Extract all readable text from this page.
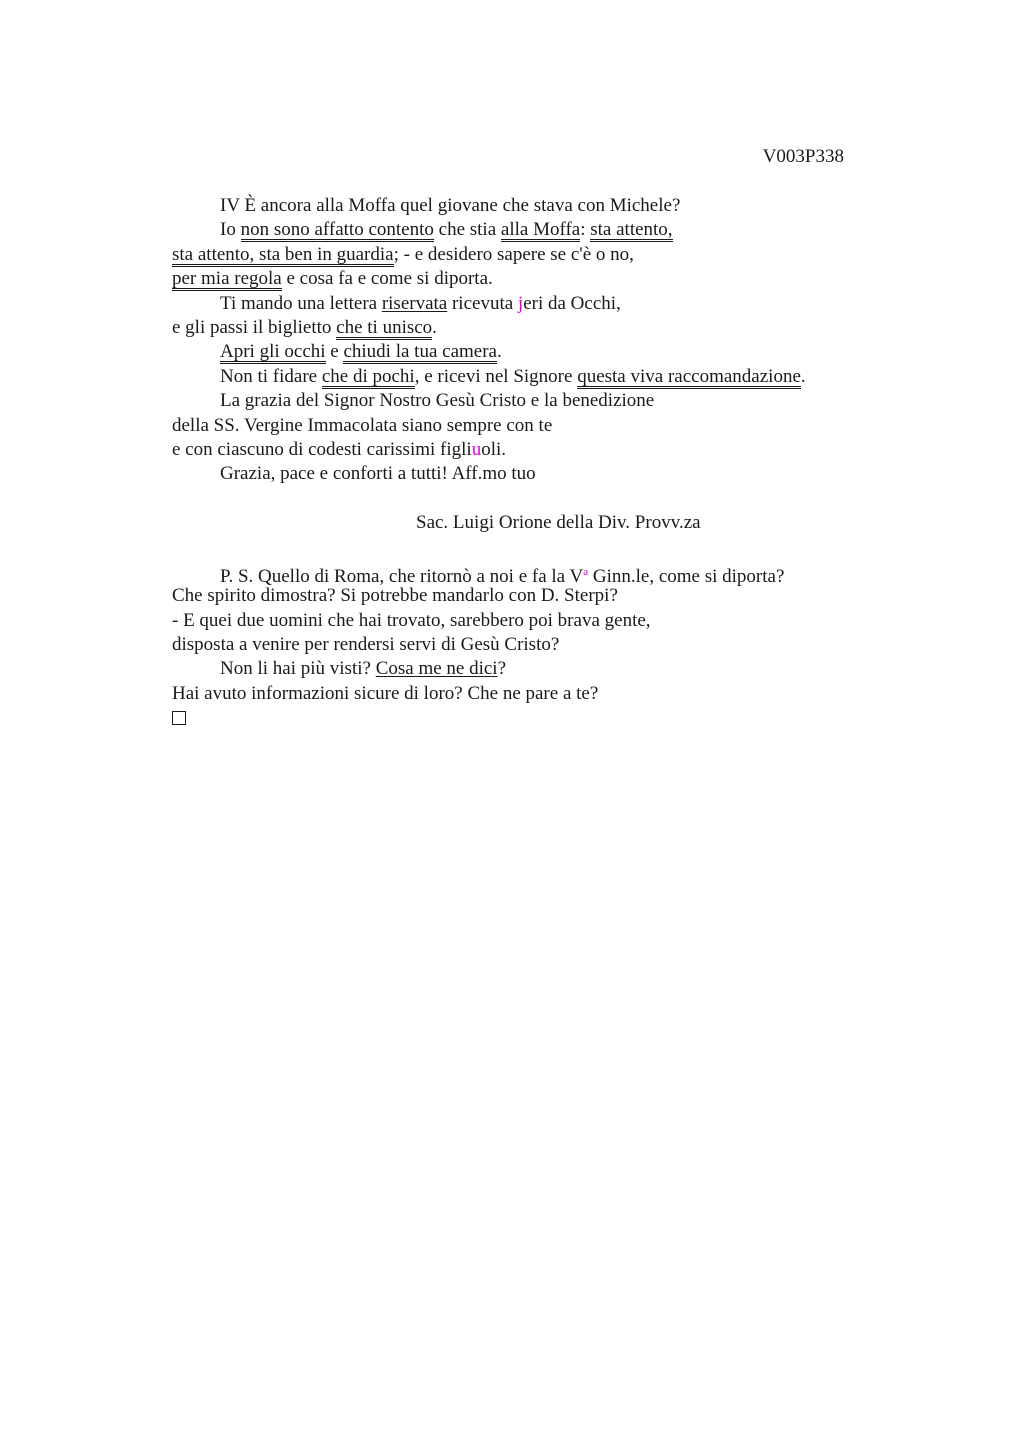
V003P338
IV È ancora alla Moffa quel giovane che stava con Michele?
Io non sono affatto contento che stia alla Moffa: sta attento,
sta attento, sta ben in guardia; - e desidero sapere se c'è o no,
per mia regola e cosa fa e come si diporta.
Ti mando una lettera riservata ricevuta jeri da Occhi,
e gli passi il biglietto che ti unisco.
Apri gli occhi e chiudi la tua camera.
Non ti fidare che di pochi, e ricevi nel Signore questa viva raccomandazione.
La grazia del Signor Nostro Gesù Cristo e la benedizione
della SS. Vergine Immacolata siano sempre con te
e con ciascuno di codesti carissimi figliuoli.
Grazia, pace e conforti a tutti! Aff.mo tuo
Sac. Luigi Orione della Div. Provv.za
P. S. Quello di Roma, che ritornò a noi e fa la $V^a$ Ginn.le, come si diporta?
Che spirito dimostra? Si potrebbe mandarlo con D. Sterpi?
- E quei due uomini che hai trovato, sarebbero poi brava gente,
disposta a venire per rendersi servi di Gesù Cristo?
Non li hai più visti? Cosa me ne dici?
Hai avuto informazioni sicure di loro? Che ne pare a te?
